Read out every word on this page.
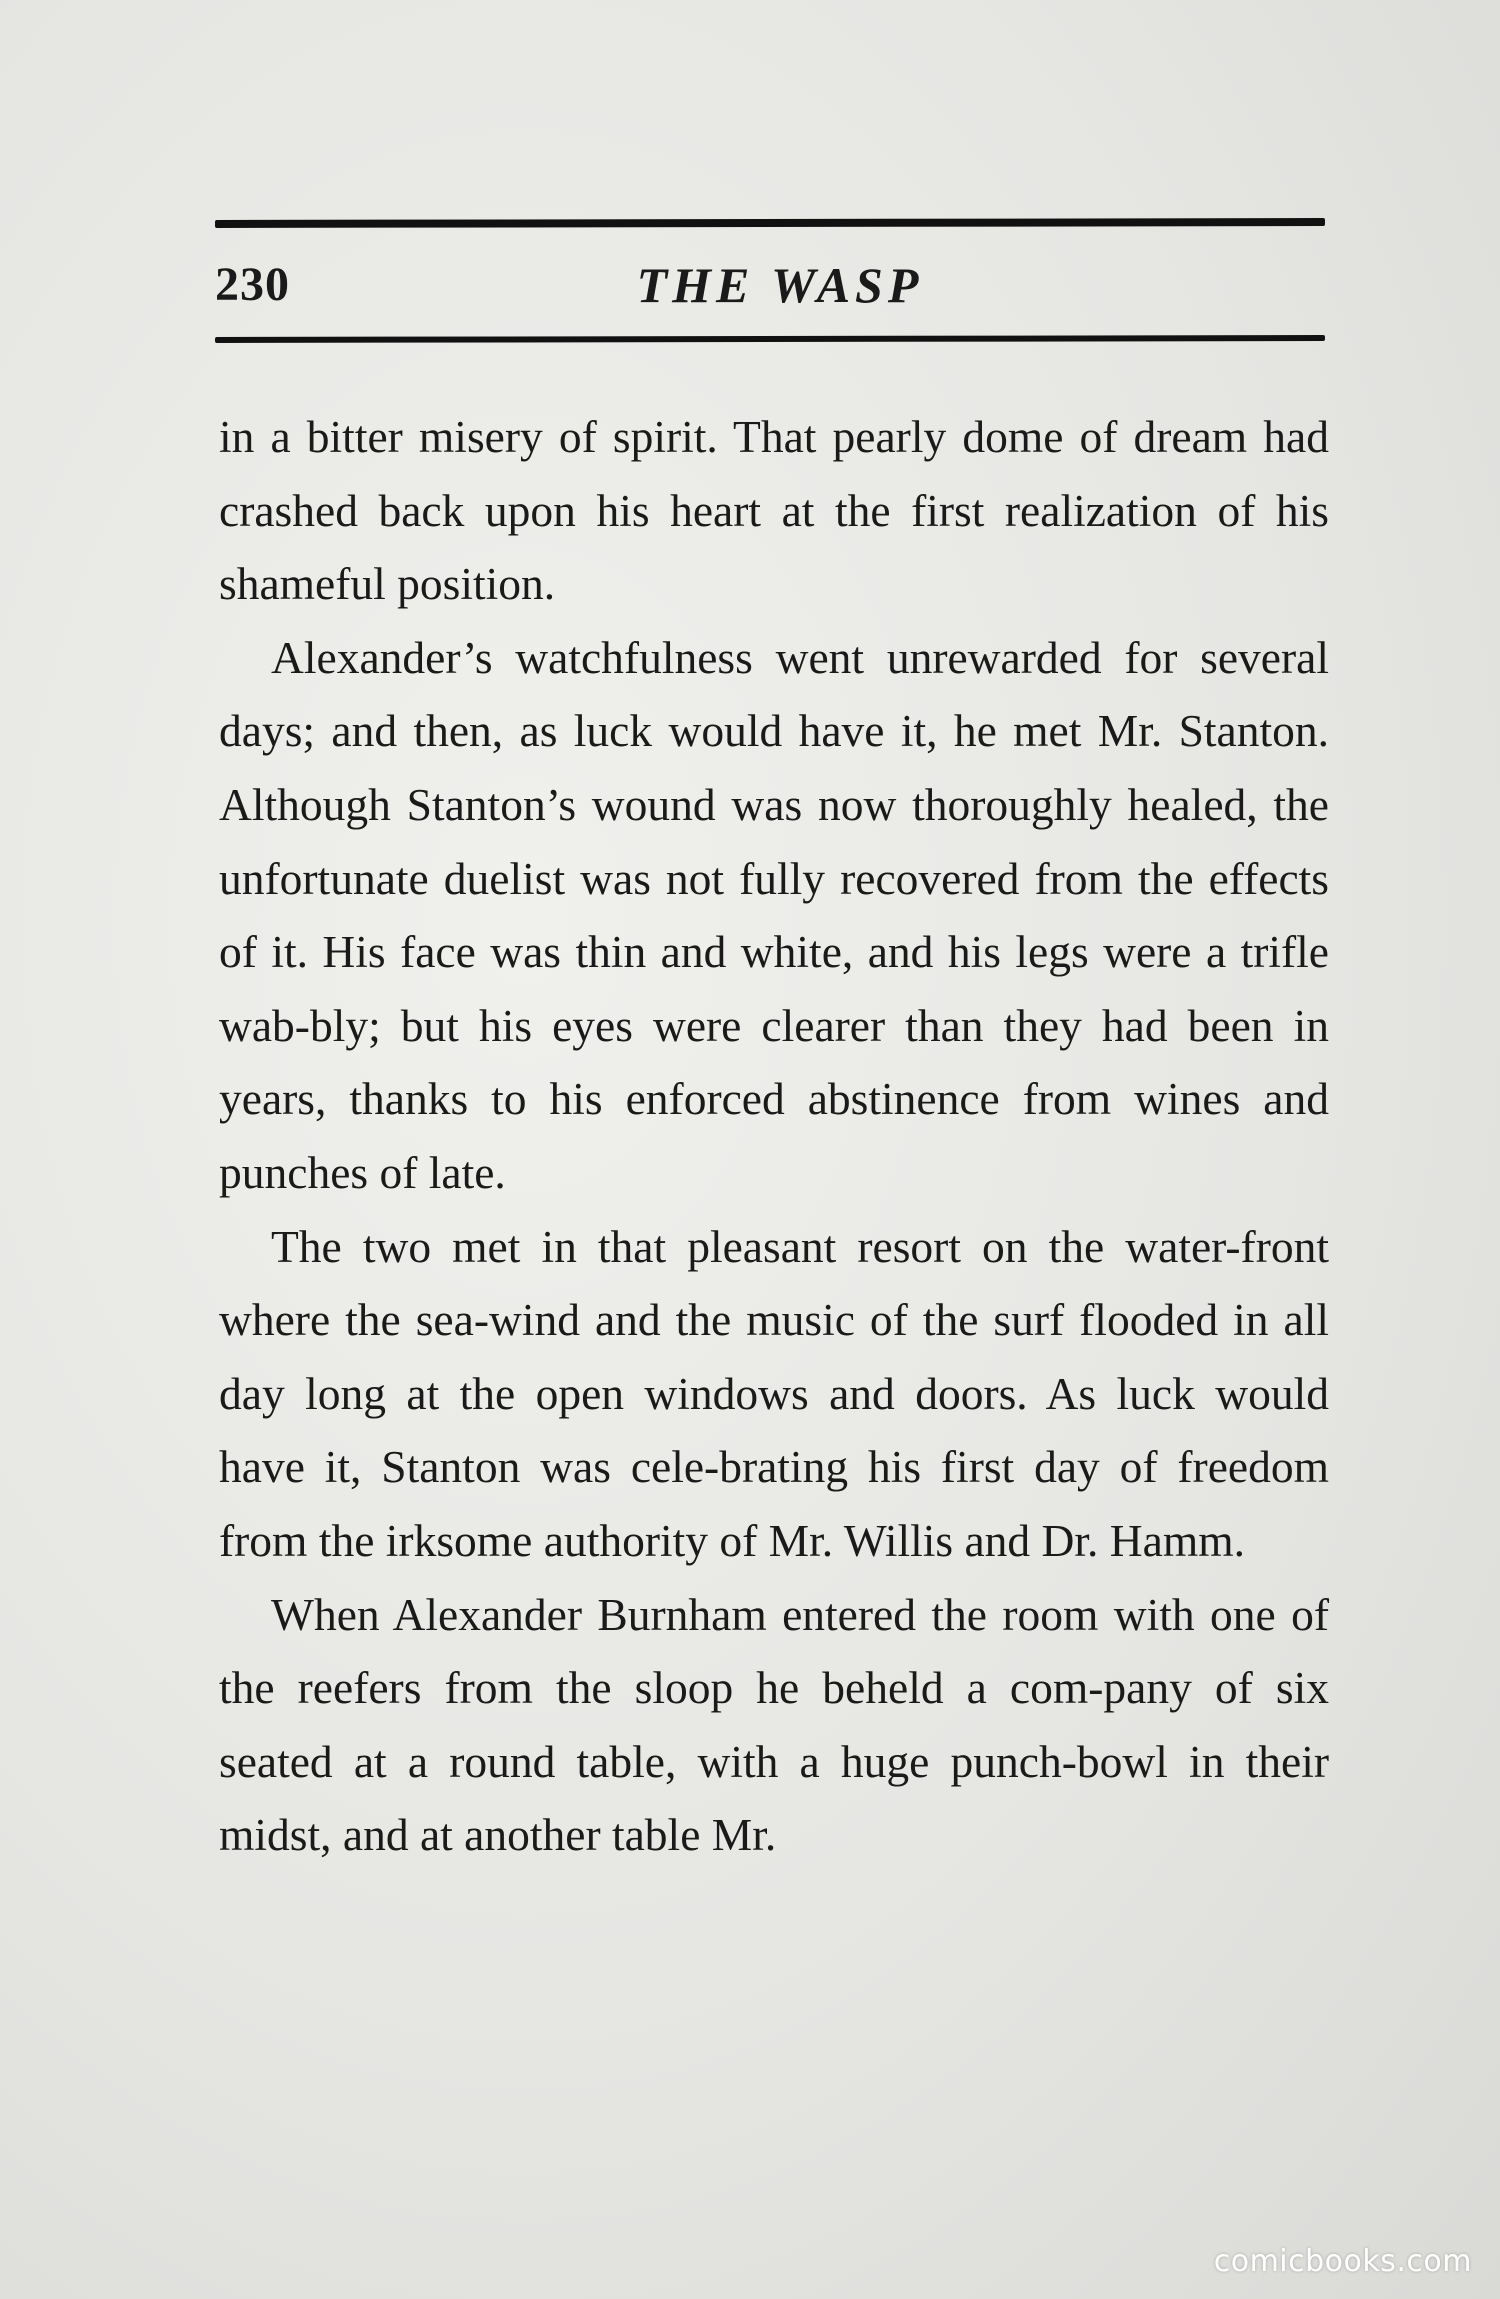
230	THE WASP

in a bitter misery of spirit. That pearly dome of dream had crashed back upon his heart at the first realization of his shameful position.

Alexander’s watchfulness went unrewarded for several days; and then, as luck would have it, he met Mr. Stanton. Although Stanton’s wound was now thoroughly healed, the unfortunate duelist was not fully recovered from the effects of it. His face was thin and white, and his legs were a trifle wab-bly; but his eyes were clearer than they had been in years, thanks to his enforced abstinence from wines and punches of late.

The two met in that pleasant resort on the water-front where the sea-wind and the music of the surf flooded in all day long at the open windows and doors. As luck would have it, Stanton was cele-brating his first day of freedom from the irksome authority of Mr. Willis and Dr. Hamm.

When Alexander Burnham entered the room with one of the reefers from the sloop he beheld a com-pany of six seated at a round table, with a huge punch-bowl in their midst, and at another table Mr.

comicbooks.com
